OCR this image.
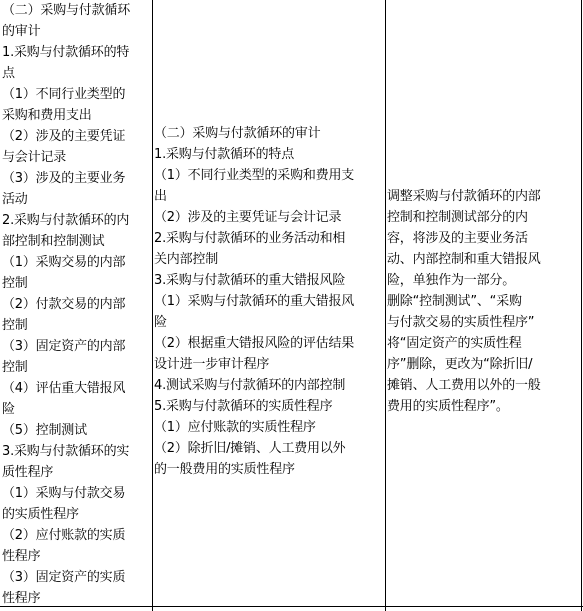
（二）采购与付款循环
的审计
1.采购与付款循环的特
点
（1）不同行业类型的
采购和费用支出
（2）涉及的主要凭证
与会计记录
（3）涉及的主要业务
活动
2.采购与付款循环的内
部控制和控制测试
（1）采购交易的内部
控制
（2）付款交易的内部
控制
（3）固定资产的内部
控制
（4）评估重大错报风
险
（5）控制测试
3.采购与付款循环的实
质性程序
（1）采购与付款交易
的实质性程序
（2）应付账款的实质
性程序
（3）固定资产的实质
性程序
（二）采购与付款循环的审计
1.采购与付款循环的特点
（1）不同行业类型的采购和费用支
出
（2）涉及的主要凭证与会计记录
2.采购与付款循环的业务活动和相
关内部控制
3.采购与付款循环的重大错报风险
（1）采购与付款循环的重大错报风
险
（2）根据重大错报风险的评估结果
设计进一步审计程序
4.测试采购与付款循环的内部控制
5.采购与付款循环的实质性程序
（1）应付账款的实质性程序
（2）除折旧/摊销、人工费用以外
的一般费用的实质性程序
调整采购与付款循环的内部
控制和控制测试部分的内
容，将涉及的主要业务活
动、内部控制和重大错报风
险，单独作为一部分。
删除“控制测试”、“采购
与付款交易的实质性程序”
将“固定资产的实质性程
序”删除，更改为“除折旧/
摊销、人工费用以外的一般
费用的实质性程序”。
